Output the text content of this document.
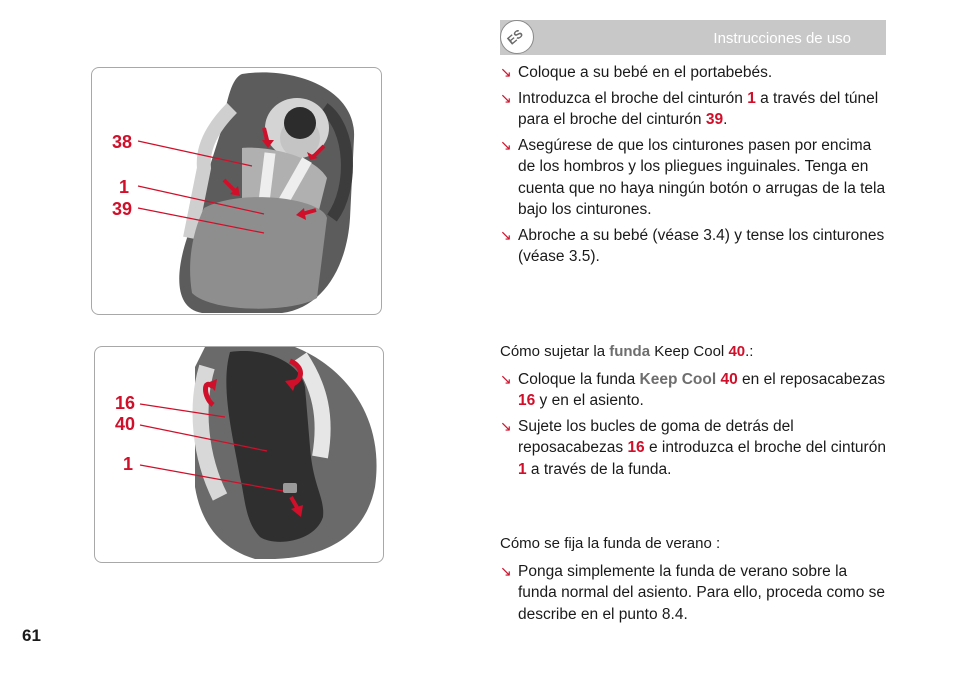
ES	Instrucciones de uso
38
1
39
16
40
1
↘ Coloque a su bebé en el portabebés.
↘ Introduzca el broche del cinturón 1 a través del túnel para el broche del cinturón 39.
↘ Asegúrese de que los cinturones pasen por encima de los hombros y los pliegues inguinales. Tenga en cuenta que no haya ningún botón o arrugas de la tela bajo los cinturones.
↘ Abroche a su bebé (véase 3.4) y tense los cinturones (véase 3.5).
Cómo sujetar la funda Keep Cool 40.:
↘ Coloque la funda Keep Cool 40 en el reposacabezas 16 y en el asiento.
↘ Sujete los bucles de goma de detrás del reposacabezas 16 e introduzca el broche del cinturón 1 a través de la funda.
Cómo se fija la funda de verano :
↘ Ponga simplemente la funda de verano sobre la funda normal del asiento. Para ello, proceda como se describe en el punto 8.4.
61
